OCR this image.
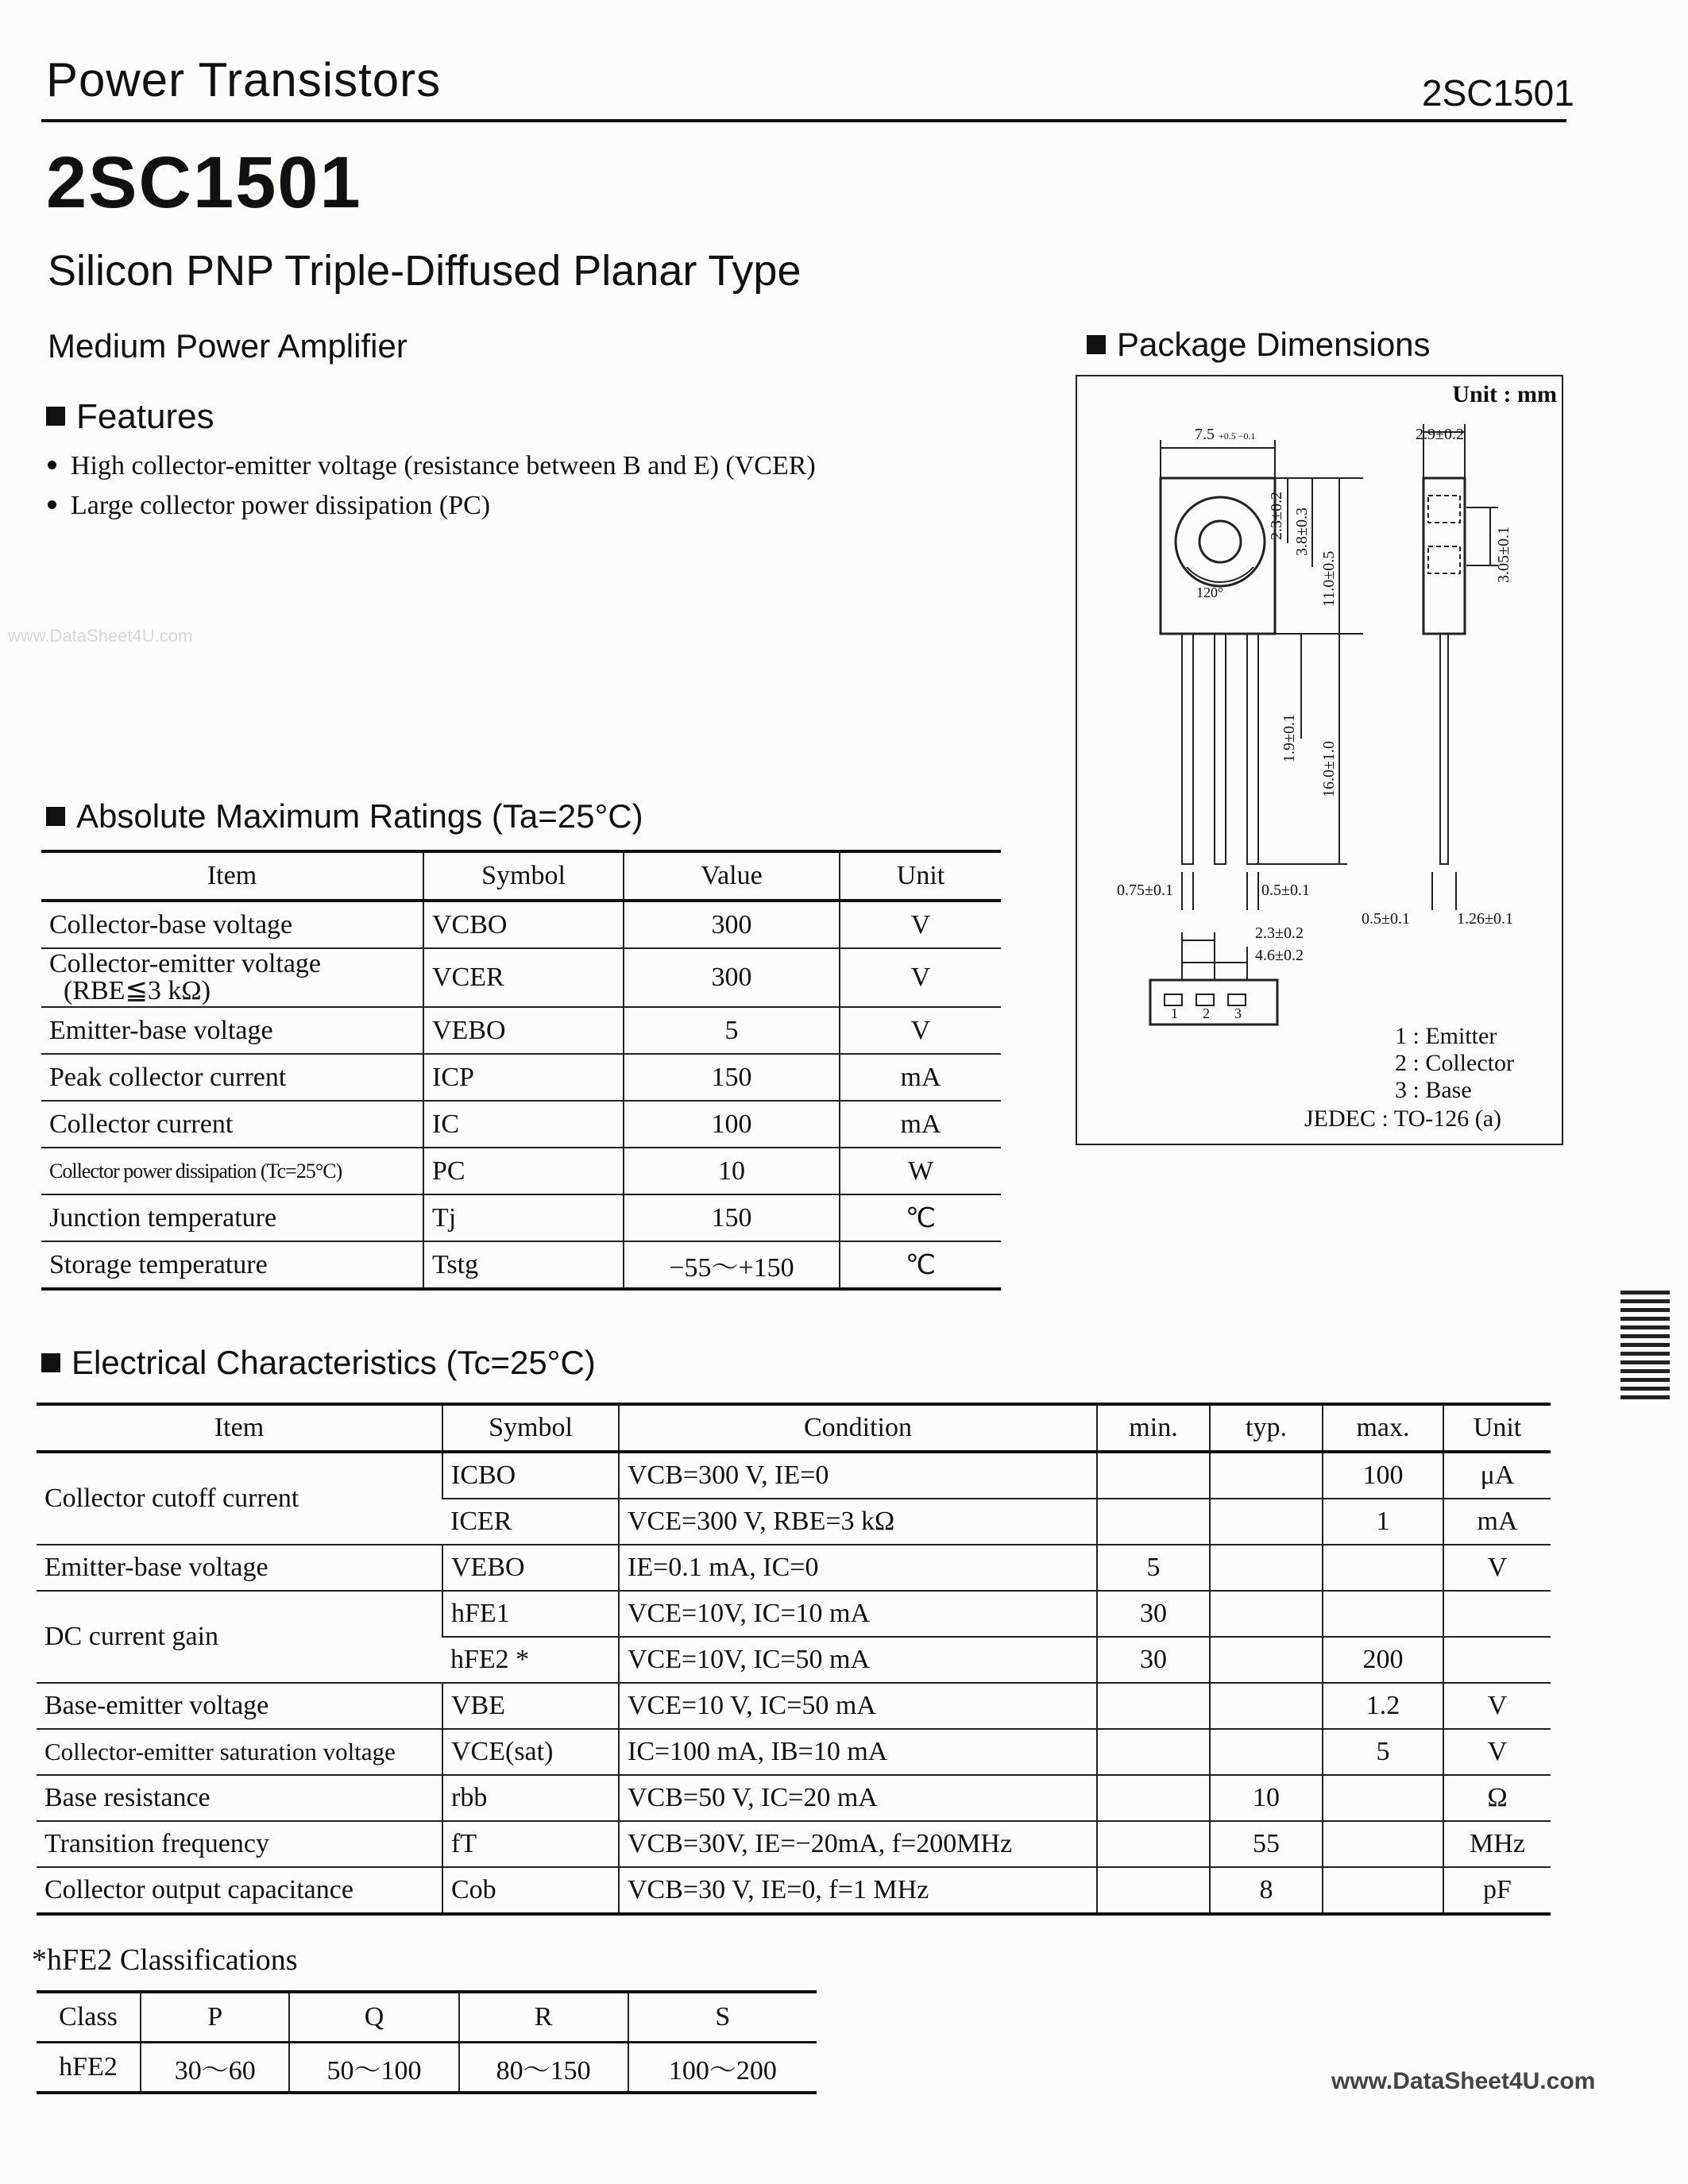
Power Transistors	2SC1501
2SC1501
Silicon PNP Triple-Diffused Planar Type
Medium Power Amplifier
Features
High collector-emitter voltage (resistance between B and E) (VCER)
Large collector power dissipation (PC)
www.DataSheet4U.com
Package Dimensions
Unit : mm
7.5 +0.5 −0.1	2.9±0.2
2.3±0.2 3.8±0.3
11.0±0.5	3.05±0.1
120°
1.9±0.1
16.0±1.0
0.75±0.1	0.5±0.1
0.5±0.1	1.26±0.1
2.3±0.2
4.6±0.2
1 2 3
1 : Emitter
2 : Collector
3 : Base
JEDEC : TO-126 (a)
Absolute Maximum Ratings (Ta=25°C)
Item	Symbol	Value	Unit
Collector-base voltage	VCBO	300	V

Collector-emitter voltage
(RBE≦3 kΩ)	VCER	300	V
Emitter-base voltage	VEBO	5	V
Peak collector current	ICP	150	mA
Collector current	IC	100	mA
Collector power dissipation (Tc=25°C)	PC	10	W
Junction temperature	Tj	150	℃
Storage temperature	Tstg	−55～+150	℃
Electrical Characteristics (Tc=25°C)
Item	Symbol	Condition	min.	typ.	max.	Unit
Collector cutoff current	ICBO	VCB=300 V, IE=0			100	μA
	ICER	VCE=300 V, RBE=3 kΩ			1	mA
Emitter-base voltage	VEBO	IE=0.1 mA, IC=0	5			V
DC current gain	hFE1	VCE=10V, IC=10 mA	30			
	hFE2 *	VCE=10V, IC=50 mA	30		200	
Base-emitter voltage	VBE	VCE=10 V, IC=50 mA			1.2	V
Collector-emitter saturation voltage	VCE(sat)	IC=100 mA, IB=10 mA			5	V
Base resistance	rbb	VCB=50 V, IC=20 mA		10		Ω
Transition frequency	fT	VCB=30V, IE=−20mA, f=200MHz		55		MHz
Collector output capacitance	Cob	VCB=30 V, IE=0, f=1 MHz		8		pF
*hFE2 Classifications
Class	P	Q	R	S
hFE2	30～60	50～100	80～150	100～200	www.DataSheet4U.com
